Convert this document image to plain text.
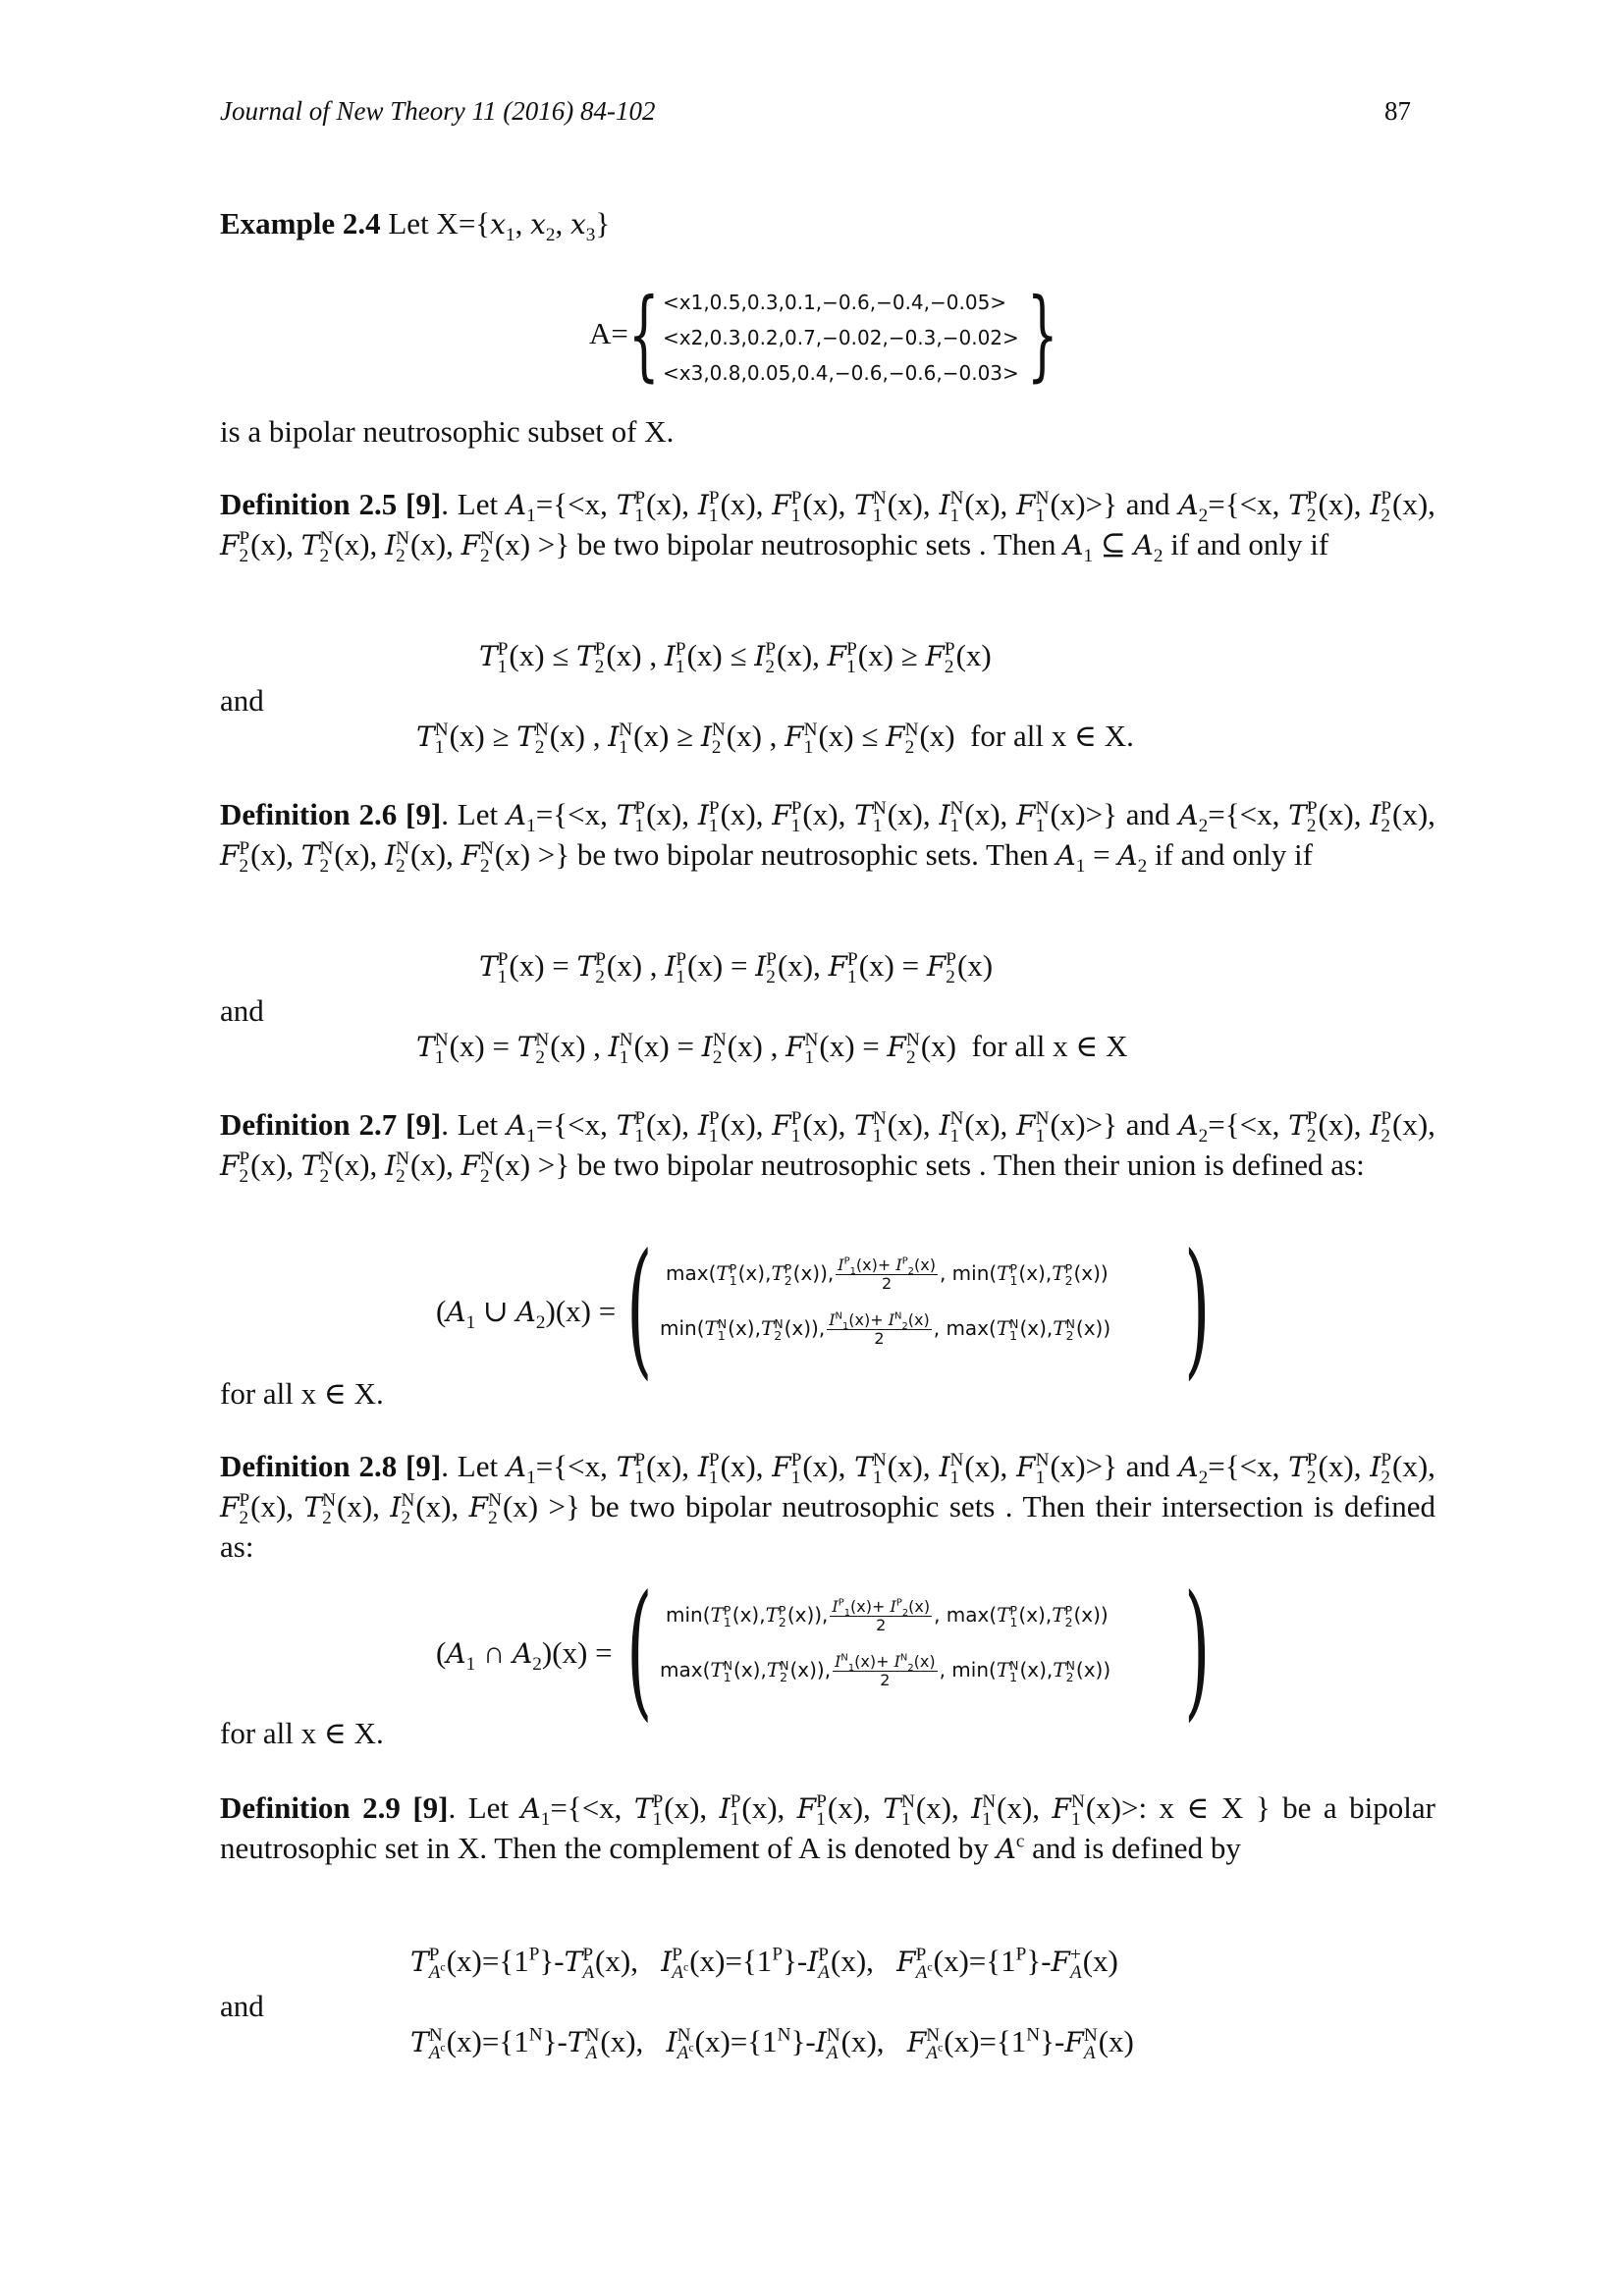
Journal of New Theory 11 (2016) 84-102	87
Example 2.4 Let $X=\{x_1$, $x_2$, $x_3$}
A= { <x1,0.5,0.3,0.1,−0.6,−0.4,−0.05>
<x2,0.3,0.2,0.7,−0.02,−0.3,−0.02>
<x3,0.8,0.05,0.4,−0.6,−0.6,−0.03> }
is a bipolar neutrosophic subset of X.
Definition 2.5 [9]. Let $A_1=\{<x$, T P
1 (x), I P
1 (x), F P
1 (x), T N
1 (x), I N
1 (x), F N
1 (x)>} and $A_2=\{<x$, T P
2 (x), I P
2 (x), F P
2 (x), T N
2 (x), I N
2 (x), F N
2 (x) >} be two bipolar neutrosophic sets . Then $A_1$ ⊆ $A_2$ if and only if
T P
1 (x) ≤ T P
2 (x) , I P
1 (x) ≤ I P
2 (x), F P
1 (x) ≥ F P
2 (x)
and
T N
1 (x) ≥ T N
2 (x) , I N
1 (x) ≥ I N
2 (x) , F N
1 (x) ≤ F N
2 (x)  for all x ∈ X.
Definition 2.6 [9]. Let $A_1=\{<x$, T P
1 (x), I P
1 (x), F P
1 (x), T N
1 (x), I N
1 (x), F N
1 (x)>} and $A_2=\{<x$, T P
2 (x), I P
2 (x), F P
2 (x), T N
2 (x), I N
2 (x), F N
2 (x) >} be two bipolar neutrosophic sets. Then $A_1 = A_2$ if and only if
T P
1 (x) = T P
2 (x) , I P
1 (x) = I P
2 (x), F P
1 (x) = F P
2 (x)
and
T N
1 (x) = T N
2 (x) , I N
1 (x) = I N
2 (x) , F N
1 (x) = F N
2 (x)  for all x ∈ X
Definition 2.7 [9]. Let $A_1=\{<x$, T P
1 (x), I P
1 (x), F P
1 (x), T N
1 (x), I N
1 (x), F N
1 (x)>} and $A_2=\{<x$, T P
2 (x), I P
2 (x), F P
2 (x), T N
2 (x), I N
2 (x), F N
2 (x) >} be two bipolar neutrosophic sets . Then their union is defined as:
($A_1$ ∪ $A_2)(x)$ = ( max(T P
1 (x),T P
2 (x)), $\frac{I^P_1(x)+ I^P_2(x)}{2}$ , min(T P
1 (x),T P
2 (x))
min(T N
1 (x),T N
2 (x)), $\frac{I^N_1(x)+ I^N_2(x)}{2}$ , max(T N
1 (x),T N
2 (x)) )
for all x ∈ X.
Definition 2.8 [9]. Let $A_1=\{<x$, T P
1 (x), I P
1 (x), F P
1 (x), T N
1 (x), I N
1 (x), F N
1 (x)>} and $A_2=\{<x$, T P
2 (x), I P
2 (x), F P
2 (x), T N
2 (x), I N
2 (x), F N
2 (x) >} be two bipolar neutrosophic sets . Then their intersection is defined as:
($A_1$ ∩ $A_2)(x)$ = ( min(T P
1 (x),T P
2 (x)), $\frac{I^P_1(x)+ I^P_2(x)}{2}$ , max(T P
1 (x),T P
2 (x))
max(T N
1 (x),T N
2 (x)), $\frac{I^N_1(x)+ I^N_2(x)}{2}$ , min(T N
1 (x),T N
2 (x)) )
for all x ∈ X.
Definition 2.9 [9]. Let $A_1=\{<x$, T P
1 (x), I P
1 (x), F P
1 (x), T N
1 (x), I N
1 (x), F N
1 (x)>: x ∈ X } be a bipolar neutrosophic set in X. Then the complement of A is denoted by $A^c$ and is defined by
T P
$A^c$ $(x)=\{1^P\}-T$ P
A (x),   I P
$A^c$ $(x)=\{1^P\}-I$ P
A (x),   F P
$A^c$ $(x)=\{1^P\}-F$ +
A (x)
and
T N
$A^c$ $(x)=\{1^N\}-T$ N
A (x),   I N
$A^c$ $(x)=\{1^N\}-I$ N
A (x),   F N
$A^c$ $(x)=\{1^N\}-F$ N
A (x)
